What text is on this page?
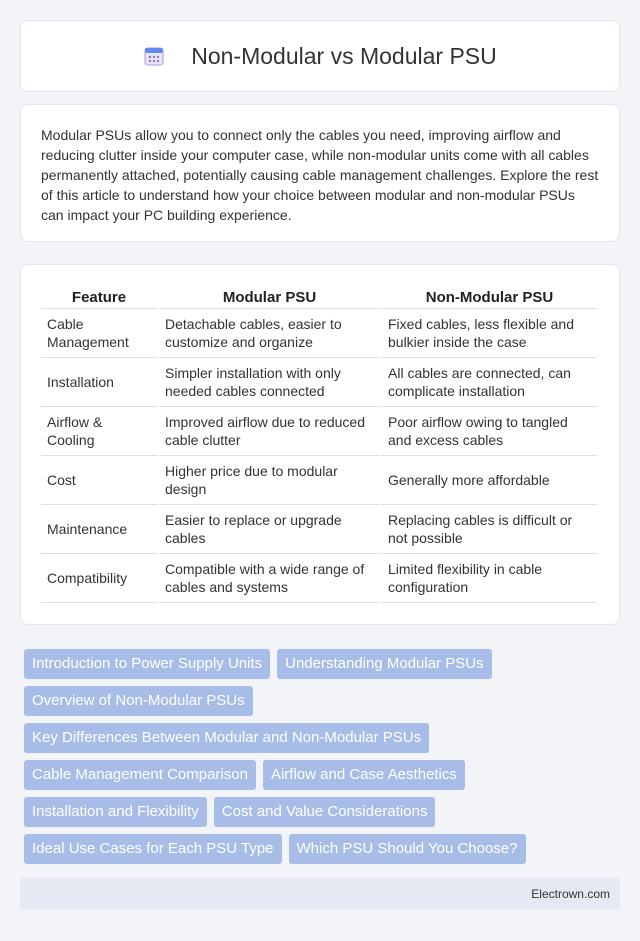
Non-Modular vs Modular PSU

Modular PSUs allow you to connect only the cables you need, improving airflow and reducing clutter inside your computer case, while non-modular units come with all cables permanently attached, potentially causing cable management challenges. Explore the rest of this article to understand how your choice between modular and non-modular PSUs can impact your PC building experience.

Feature	Modular PSU	Non-Modular PSU
Cable Management	Detachable cables, easier to customize and organize	Fixed cables, less flexible and bulkier inside the case
Installation	Simpler installation with only needed cables connected	All cables are connected, can complicate installation
Airflow & Cooling	Improved airflow due to reduced cable clutter	Poor airflow owing to tangled and excess cables
Cost	Higher price due to modular design	Generally more affordable
Maintenance	Easier to replace or upgrade cables	Replacing cables is difficult or not possible
Compatibility	Compatible with a wide range of cables and systems	Limited flexibility in cable configuration
Introduction to Power Supply Units	Understanding Modular PSUs
Overview of Non-Modular PSUs
Key Differences Between Modular and Non-Modular PSUs
Cable Management Comparison	Airflow and Case Aesthetics
Installation and Flexibility	Cost and Value Considerations
Ideal Use Cases for Each PSU Type	Which PSU Should You Choose?
Electrown.com
